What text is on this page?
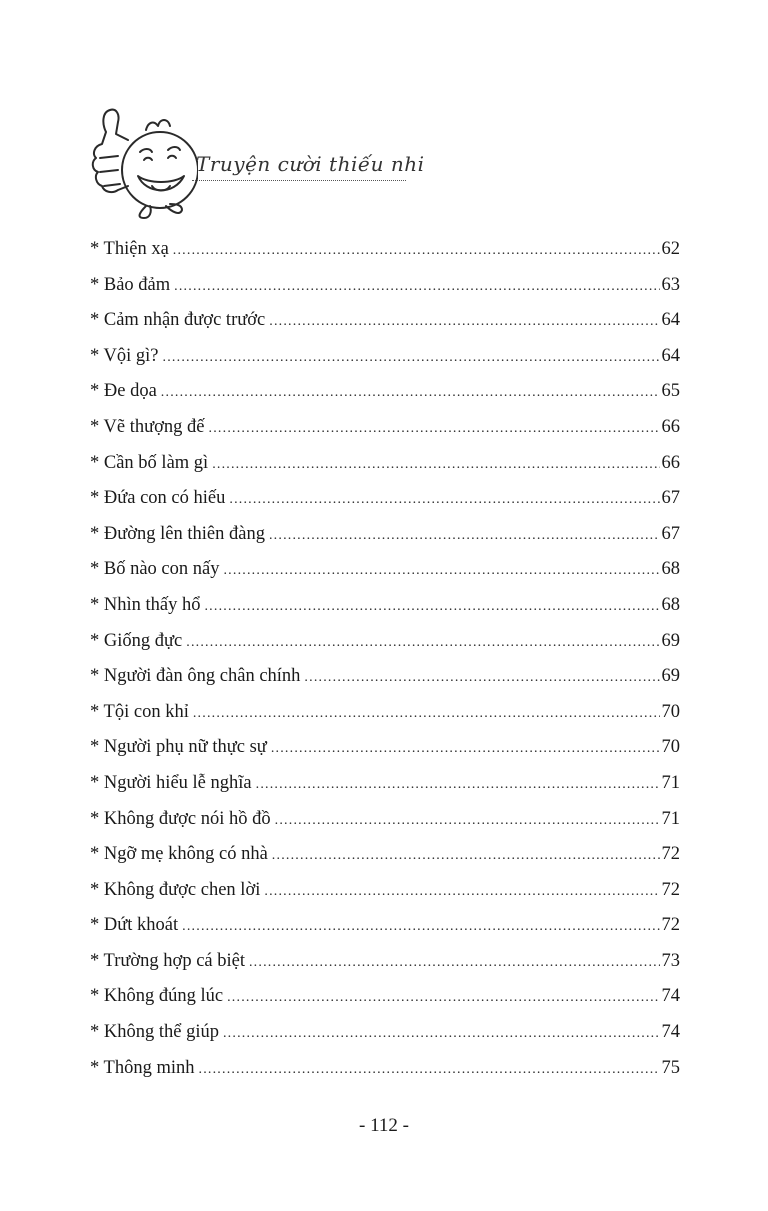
Truyện cười thiếu nhi
* Thiện xạ .....	62
* Bảo đảm .....	63
* Cảm nhận được trước .....	64
* Vội gì? .....	64
* Đe dọa .....	65
* Vẽ thượng đế .....	66
* Cần bố làm gì .....	66
* Đứa con có hiếu .....	67
* Đường lên thiên đàng .....	67
* Bố nào con nấy .....	68
* Nhìn thấy hổ .....	68
* Giống đực .....	69
* Người đàn ông chân chính .....	69
* Tội con khỉ .....	70
* Người phụ nữ thực sự .....	70
* Người hiểu lễ nghĩa .....	71
* Không được nói hồ đồ .....	71
* Ngỡ mẹ không có nhà .....	72
* Không được chen lời .....	72
* Dứt khoát .....	72
* Trường hợp cá biệt .....	73
* Không đúng lúc .....	74
* Không thể giúp .....	74
* Thông minh .....	75
- 112 -
